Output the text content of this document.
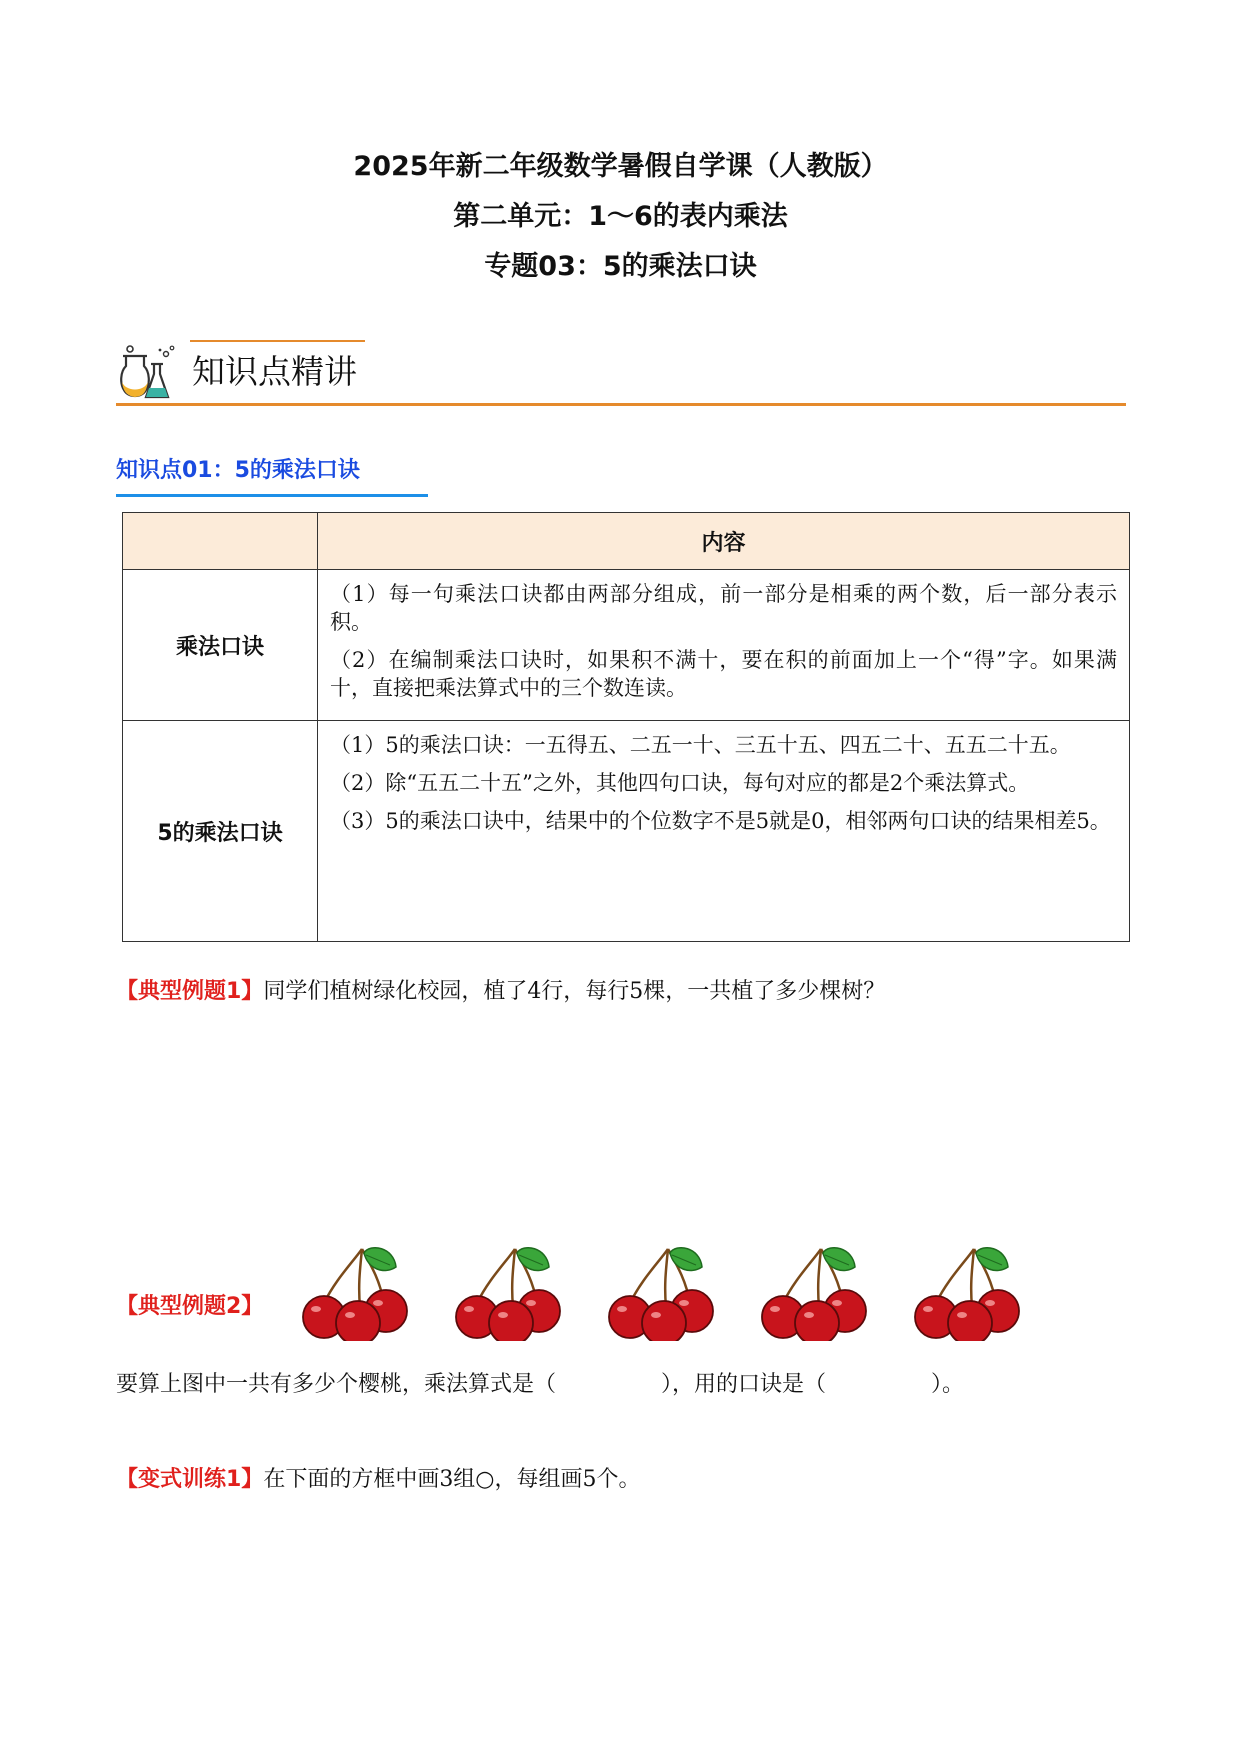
2025年新二年级数学暑假自学课（人教版）
第二单元：1～6的表内乘法
专题03：5的乘法口诀
知识点精讲
知识点01：5的乘法口诀
	内容
乘法口诀	（1）每一句乘法口诀都由两部分组成，前一部分是相乘的两个数，后一部分表示积。

（2）在编制乘法口诀时，如果积不满十，要在积的前面加上一个“得”字。如果满十，直接把乘法算式中的三个数连读。

5的乘法口诀	（1）5的乘法口诀：一五得五、二五一十、三五十五、四五二十、五五二十五。

（2）除“五五二十五”之外，其他四句口诀，每句对应的都是2个乘法算式。

（3）5的乘法口诀中，结果中的个位数字不是5就是0，相邻两句口诀的结果相差5。

【典型例题1】同学们植树绿化校园，植了4行，每行5棵，一共植了多少棵树？
【典型例题2】
要算上图中一共有多少个樱桃，乘法算式是（	），用的口诀是（	）。
【变式训练1】在下面的方框中画3组○，每组画5个。
